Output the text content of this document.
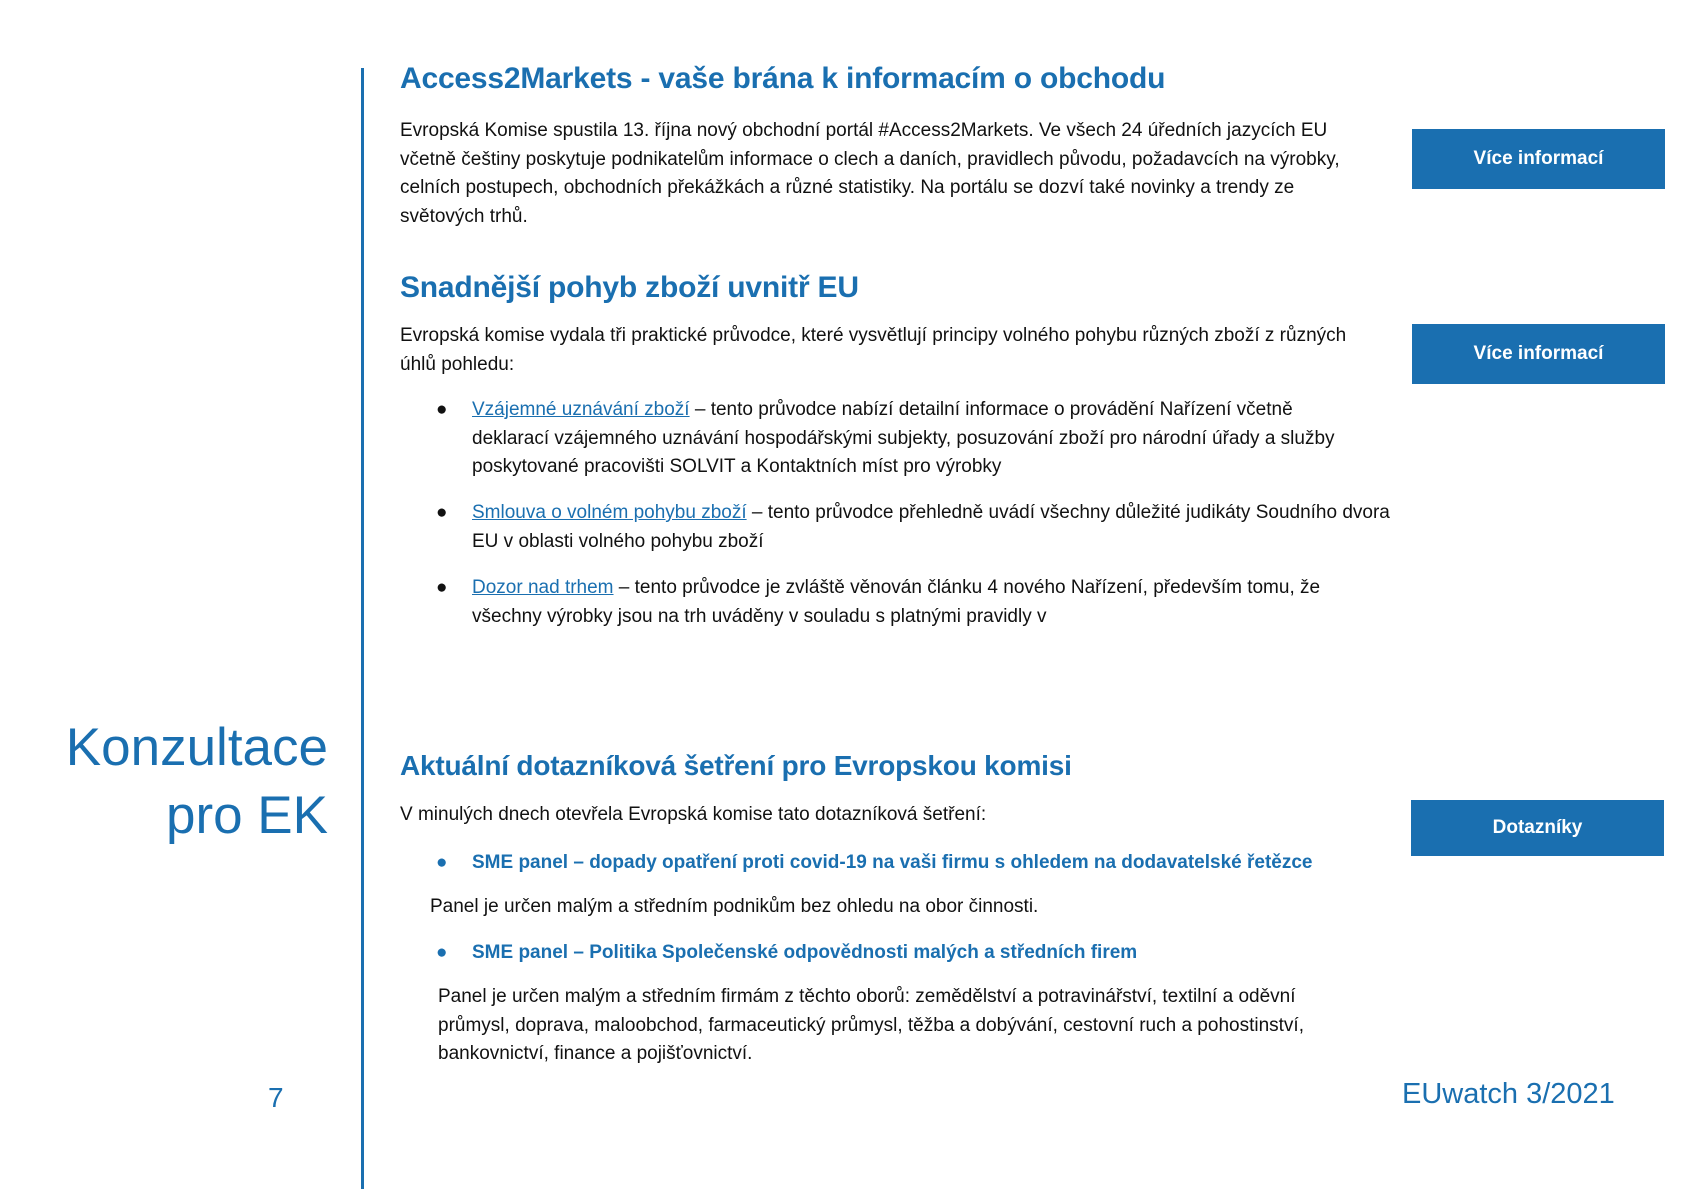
Konzultace
pro EK
7	EUwatch 3/2021
Access2Markets - vaše brána k informacím o obchodu

Evropská Komise spustila 13. října nový obchodní portál #Access2Markets. Ve všech 24 úředních jazycích EU včetně češtiny poskytuje podnikatelům informace o clech a daních, pravidlech původu, požadavcích na výrobky, celních postupech, obchodních překážkách a různé statistiky. Na portálu se dozví také novinky a trendy ze světových trhů.

Více informací
Snadnější pohyb zboží uvnitř EU

Evropská komise vydala tři praktické průvodce, které vysvětlují principy volného pohybu různých zboží z různých úhlů pohledu:	Více informací
● Vzájemné uznávání zboží – tento průvodce nabízí detailní informace o provádění Nařízení včetně deklarací vzájemného uznávání hospodářskými subjekty, posuzování zboží pro národní úřady a služby poskytované pracovišti SOLVIT a Kontaktních míst pro výrobky

● Smlouva o volném pohybu zboží – tento průvodce přehledně uvádí všechny důležité judikáty Soudního dvora EU v oblasti volného pohybu zboží

● Dozor nad trhem – tento průvodce je zvláště věnován článku 4 nového Nařízení, především tomu, že všechny výrobky jsou na trh uváděny v souladu s platnými pravidly v

Aktuální dotazníková šetření pro Evropskou komisi

V minulých dnech otevřela Evropská komise tato dotazníková šetření:

Dotazníky
● SME panel – dopady opatření proti covid-19 na vaši firmu s ohledem na dodavatelské řetězce

Panel je určen malým a středním podnikům bez ohledu na obor činnosti.

● SME panel – Politika Společenské odpovědnosti malých a středních firem

Panel je určen malým a středním firmám z těchto oborů: zemědělství a potravinářství, textilní a oděvní průmysl, doprava, maloobchod, farmaceutický průmysl, těžba a dobývání, cestovní ruch a pohostinství, bankovnictví, finance a pojišťovnictví.
